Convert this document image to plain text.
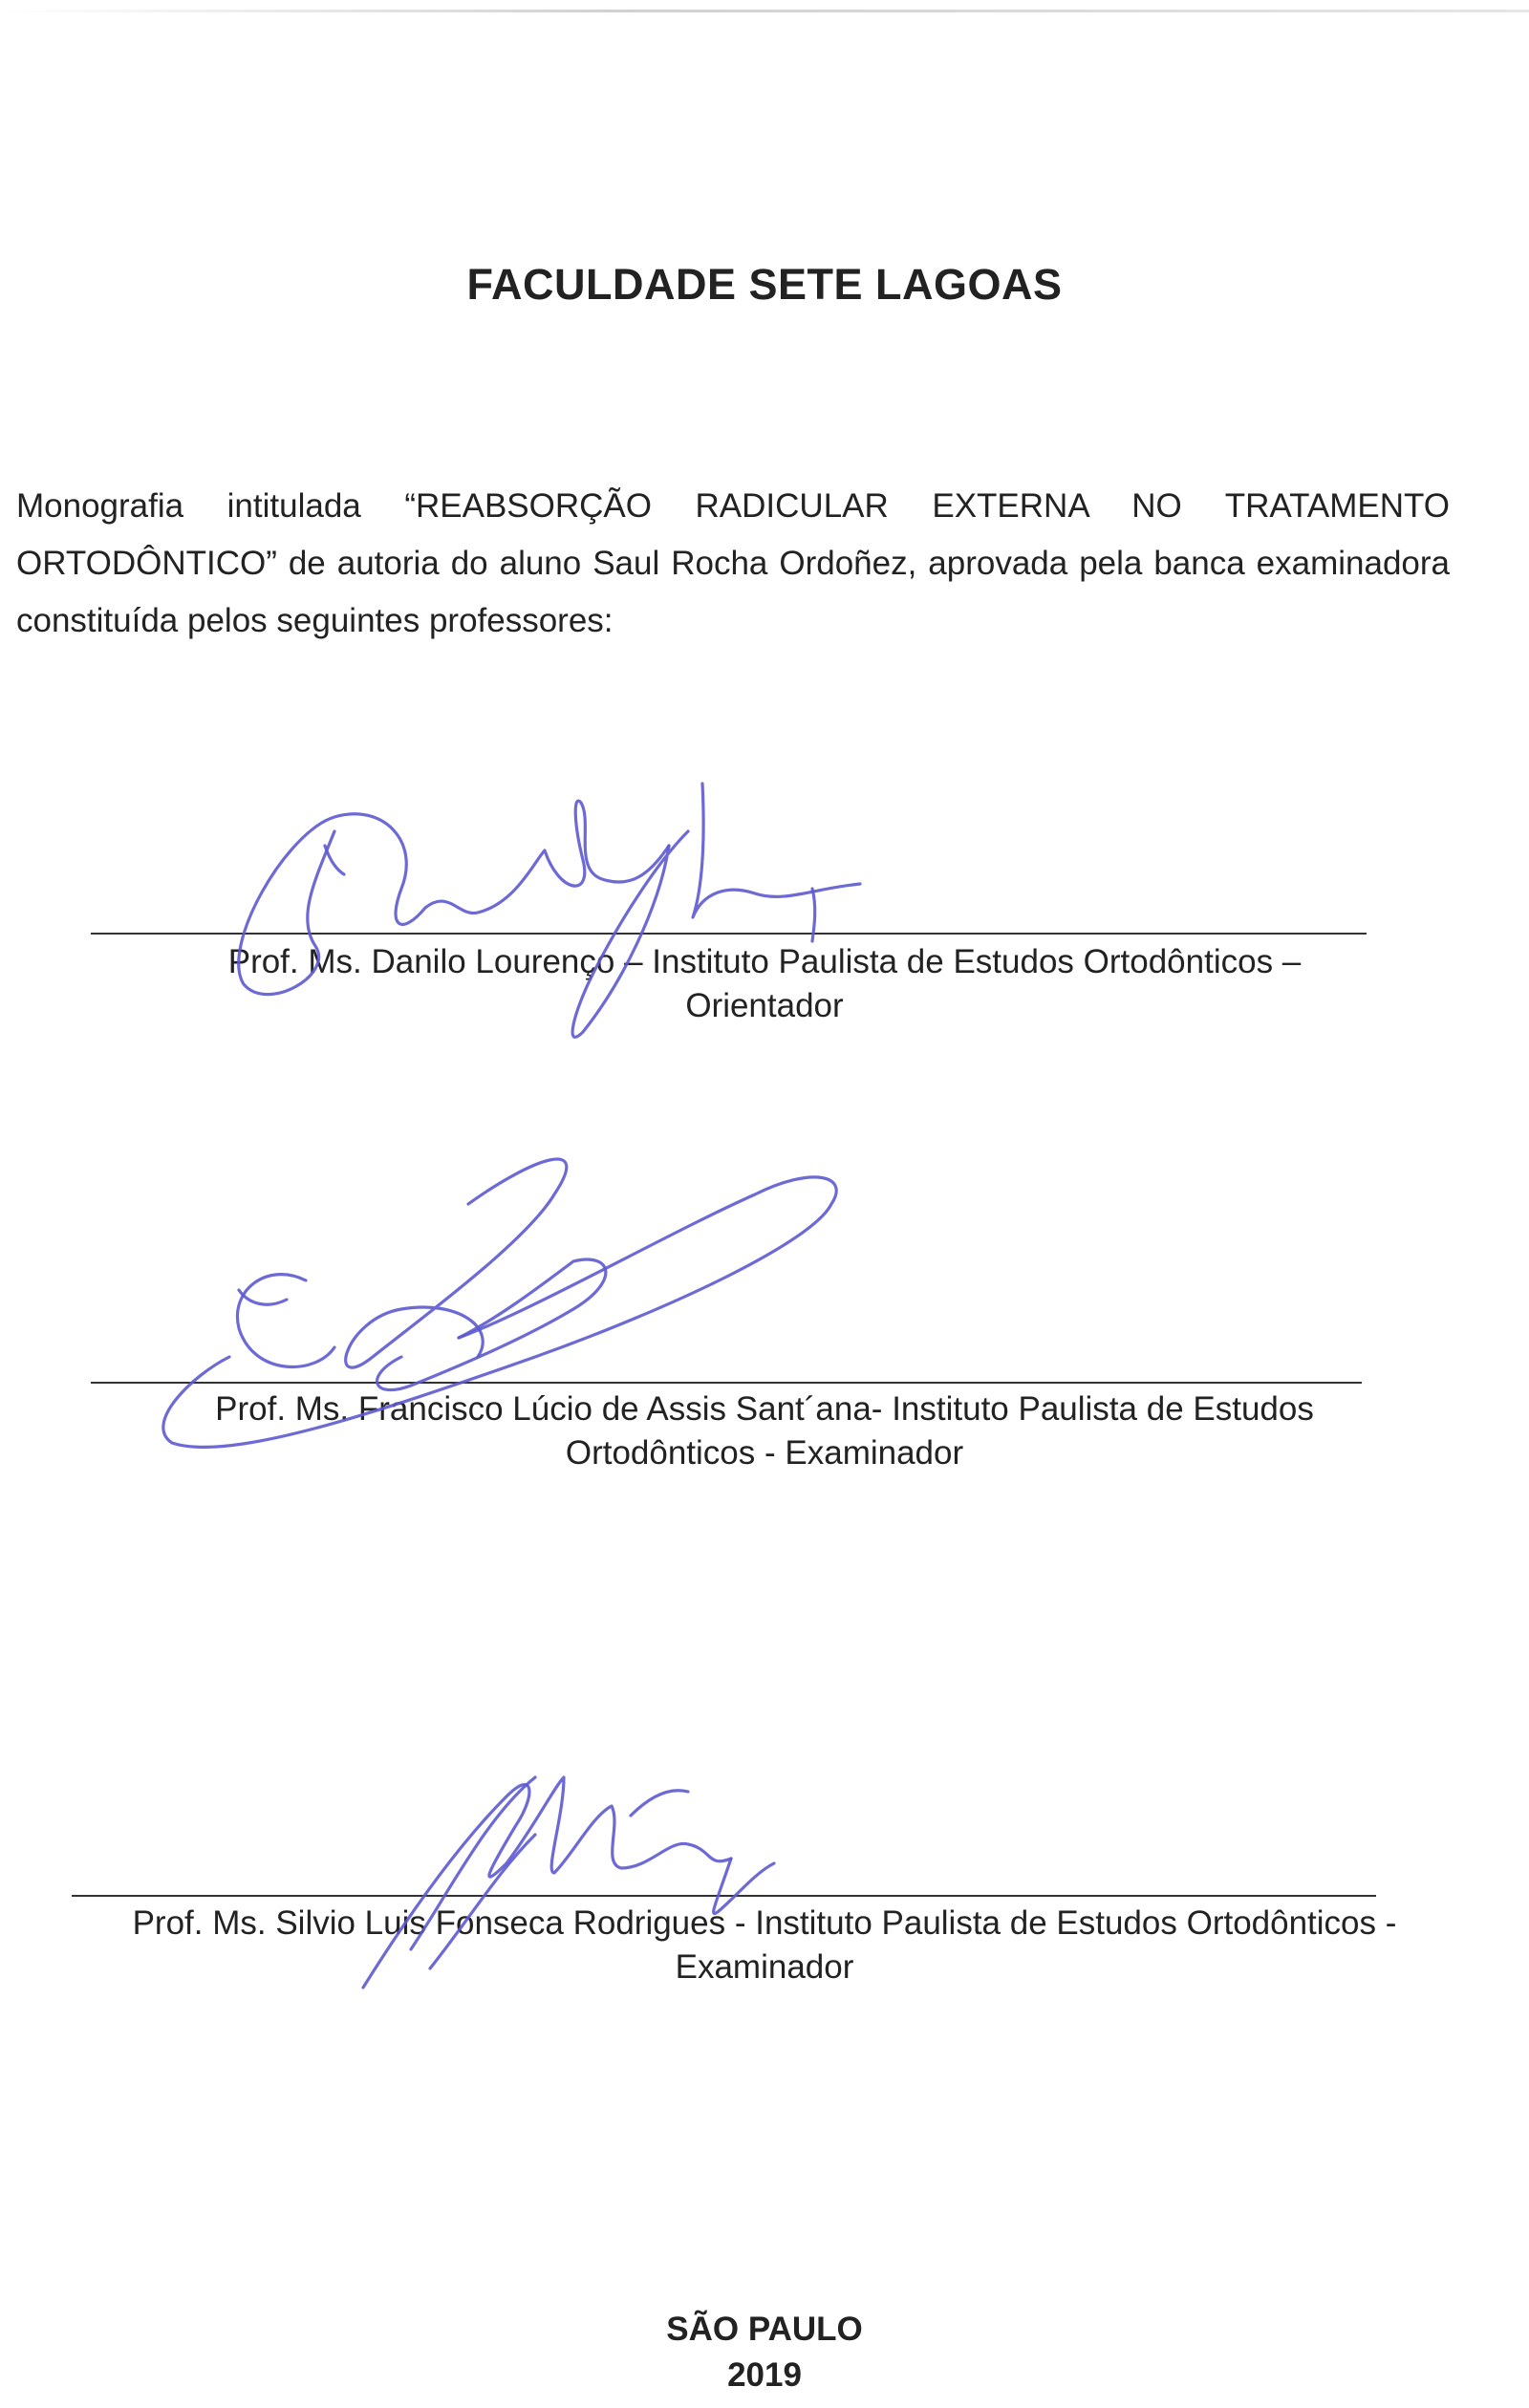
FACULDADE SETE LAGOAS
Monografia intitulada “REABSORÇÃO RADICULAR EXTERNA NO TRATAMENTO ORTODÔNTICO” de autoria do aluno Saul Rocha Ordoñez, aprovada pela banca examinadora constituída pelos seguintes professores:
Prof. Ms. Danilo Lourenço – Instituto Paulista de Estudos Ortodônticos –
Orientador
Prof. Ms. Francisco Lúcio de Assis Sant´ana- Instituto Paulista de Estudos
Ortodônticos - Examinador
Prof. Ms. Silvio Luis Fonseca Rodrigues - Instituto Paulista de Estudos Ortodônticos -
Examinador
SÃO PAULO
2019
